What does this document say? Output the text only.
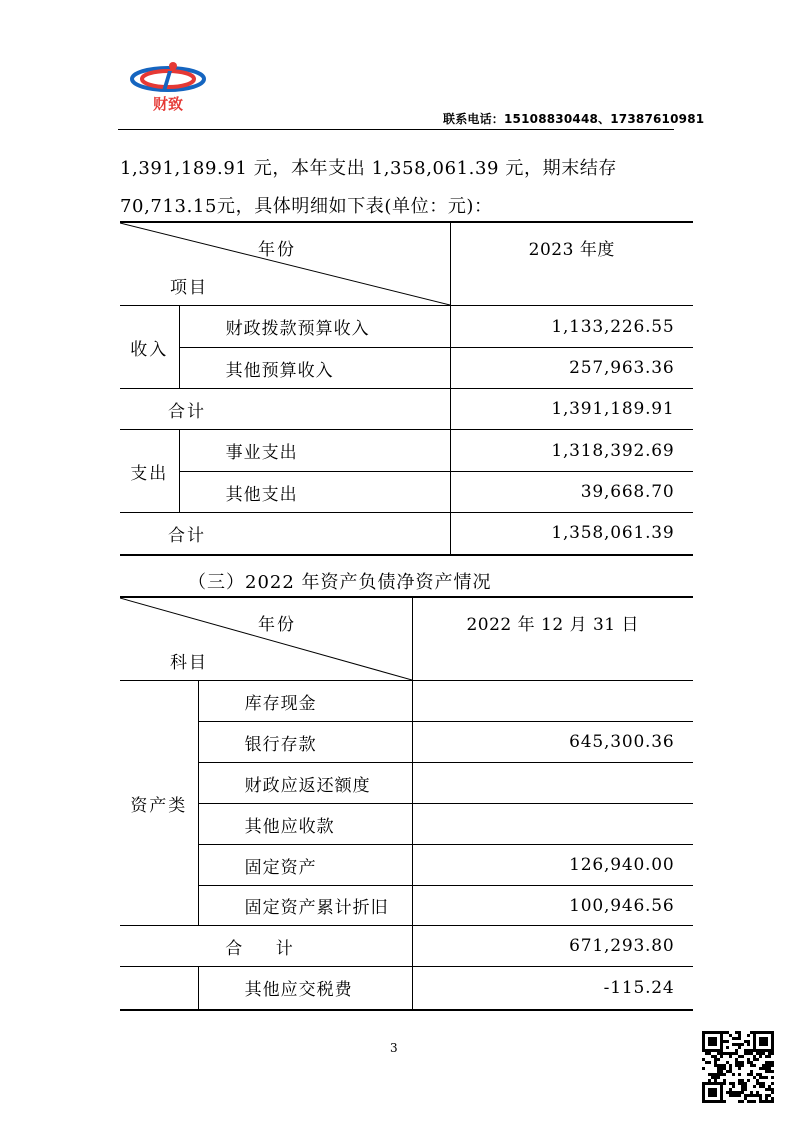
财致
联系电话：15108830448、17387610981
1,391,189.91 元，本年支出 1,358,061.39 元，期末结存
70,713.15元，具体明细如下表(单位：元)：
年份
项目		2023 年度

收入	财政拨款预算收入	1,133,226.55
	其他预算收入	257,963.36
合计		1,391,189.91
支出	事业支出	1,318,392.69
	其他支出	39,668.70
合计		1,358,061.39
（三）2022 年资产负债净资产情况
年份
科目		2022 年 12 月 31 日

资产类	库存现金	
	银行存款	645,300.36
	财政应返还额度	
	其他应收款	
	固定资产	126,940.00
	固定资产累计折旧	100,946.56
合 计		671,293.80
	其他应交税费	-115.24
3
